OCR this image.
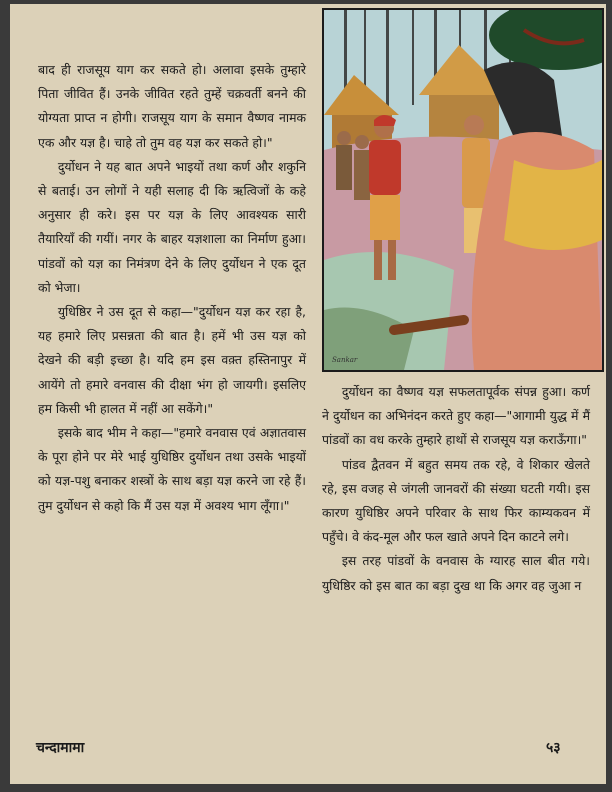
बाद ही राजसूय याग कर सकते हो। अलावा इसके तुम्हारे पिता जीवित हैं। उनके जीवित रहते तुम्हें चक्रवर्ती बनने की योग्यता प्राप्त न होगी। राजसूय याग के समान वैष्णव नामक एक और यज्ञ है। चाहे तो तुम वह यज्ञ कर सकते हो।"

दुर्योधन ने यह बात अपने भाइयों तथा कर्ण और शकुनि से बताई। उन लोगों ने यही सलाह दी कि ऋत्विजों के कहे अनुसार ही करे। इस पर यज्ञ के लिए आवश्यक सारी तैयारियाँ की गयीं। नगर के बाहर यज्ञशाला का निर्माण हुआ। पांडवों को यज्ञ का निमंत्रण देने के लिए दुर्योधन ने एक दूत को भेजा।

युधिष्ठिर ने उस दूत से कहा—"दुर्योधन यज्ञ कर रहा है, यह हमारे लिए प्रसन्नता की बात है। हमें भी उस यज्ञ को देखने की बड़ी इच्छा है। यदि हम इस वक़्त हस्तिनापुर में आयेंगे तो हमारे वनवास की दीक्षा भंग हो जायगी। इसलिए हम किसी भी हालत में नहीं आ सकेंगे।"

इसके बाद भीम ने कहा—"हमारे वनवास एवं अज्ञातवास के पूरा होने पर मेरे भाई युधिष्ठिर दुर्योधन तथा उसके भाइयों को यज्ञ-पशु बनाकर शस्त्रों के साथ बड़ा यज्ञ करने जा रहे हैं। तुम दुर्योधन से कहो कि मैं उस यज्ञ में अवश्य भाग लूँगा।"

Sankar

दुर्योधन का वैष्णव यज्ञ सफलतापूर्वक संपन्न हुआ। कर्ण ने दुर्योधन का अभिनंदन करते हुए कहा—"आगामी युद्ध में मैं पांडवों का वध करके तुम्हारे हाथों से राजसूय यज्ञ कराऊँगा।"

पांडव द्वैतवन में बहुत समय तक रहे, वे शिकार खेलते रहे, इस वजह से जंगली जानवरों की संख्या घटती गयी। इस कारण युधिष्ठिर अपने परिवार के साथ फिर काम्यकवन में पहुँचे। वे कंद-मूल और फल खाते अपने दिन काटने लगे।

इस तरह पांडवों के वनवास के ग्यारह साल बीत गये। युधिष्ठिर को इस बात का बड़ा दुख था कि अगर वह जुआ न

चन्दामामा	५३
